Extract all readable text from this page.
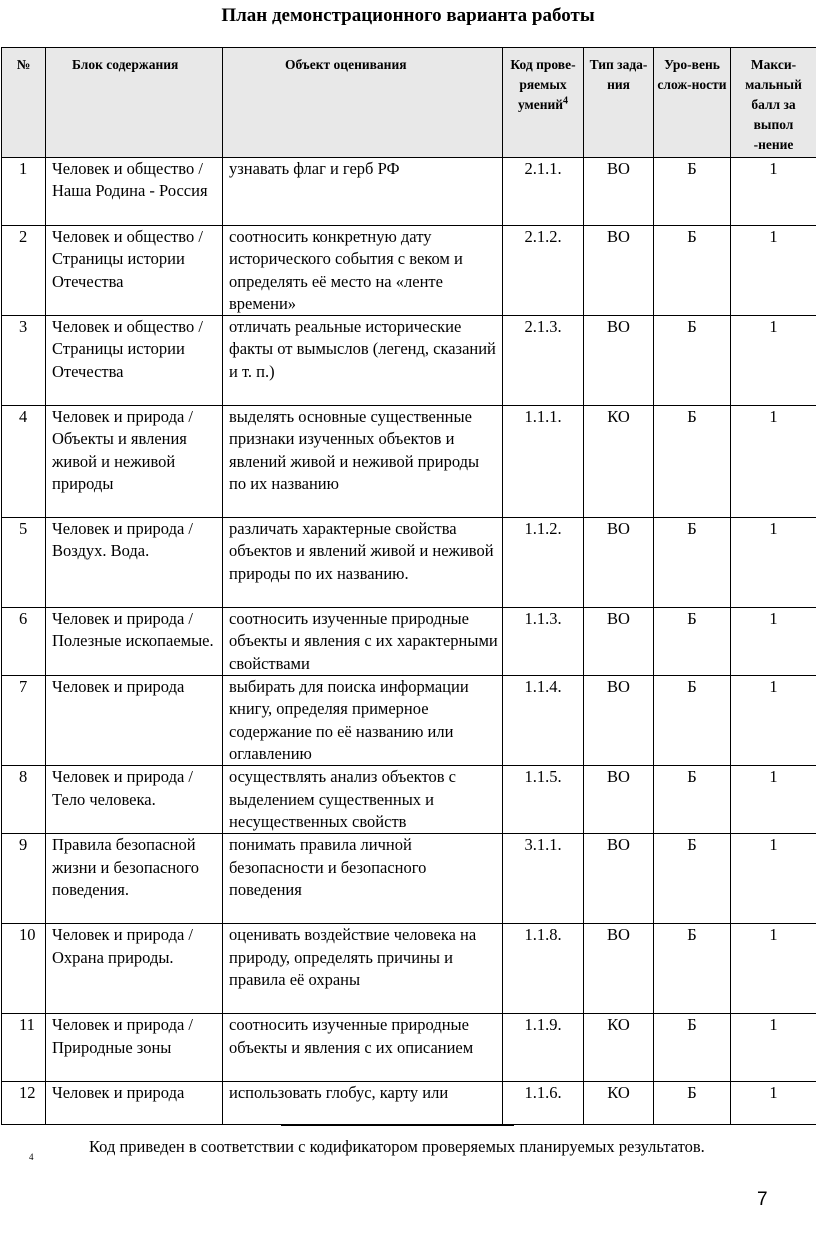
План демонстрационного варианта работы
№	Блок содержания	Объект оценивания	Код прове-ряемых умений$^4$	Тип зада-ния	Уро-вень слож-ности	Макси-мальный балл за выпол -нение
1	Человек и общество / Наша Родина - Россия	узнавать флаг и герб РФ	2.1.1.	ВО	Б	1
2	Человек и общество / Страницы истории Отечества	соотносить конкретную дату исторического события с веком и определять её место на «ленте времени»	2.1.2.	ВО	Б	1
3	Человек и общество / Страницы истории Отечества	отличать реальные исторические факты от вымыслов (легенд, сказаний и т. п.)	2.1.3.	ВО	Б	1
4	Человек и природа / Объекты и явления живой и неживой природы	выделять основные существенные признаки изученных объектов и явлений живой и неживой природы по их названию	1.1.1.	КО	Б	1
5	Человек и природа / Воздух. Вода.	различать характерные свойства объектов и явлений живой и неживой природы по их названию.	1.1.2.	ВО	Б	1
6	Человек и природа / Полезные ископаемые.	соотносить изученные природные объекты и явления с их характерными свойствами	1.1.3.	ВО	Б	1
7	Человек и природа	выбирать для поиска информации книгу, определяя примерное содержание по её названию или оглавлению	1.1.4.	ВО	Б	1
8	Человек и природа / Тело человека.	осуществлять анализ объектов с выделением существенных и несущественных свойств	1.1.5.	ВО	Б	1
9	Правила безопасной жизни и безопасного поведения.	понимать правила личной безопасности и безопасного поведения	3.1.1.	ВО	Б	1
10	Человек и природа / Охрана природы.	оценивать воздействие человека на природу, определять причины и правила её охраны	1.1.8.	ВО	Б	1
11	Человек и природа / Природные зоны	соотносить изученные природные объекты и явления с их описанием	1.1.9.	КО	Б	1
12	Человек и природа	использовать глобус, карту или	1.1.6.	КО	Б	1
4
Код приведен в соответствии с кодификатором проверяемых планируемых результатов.
7
